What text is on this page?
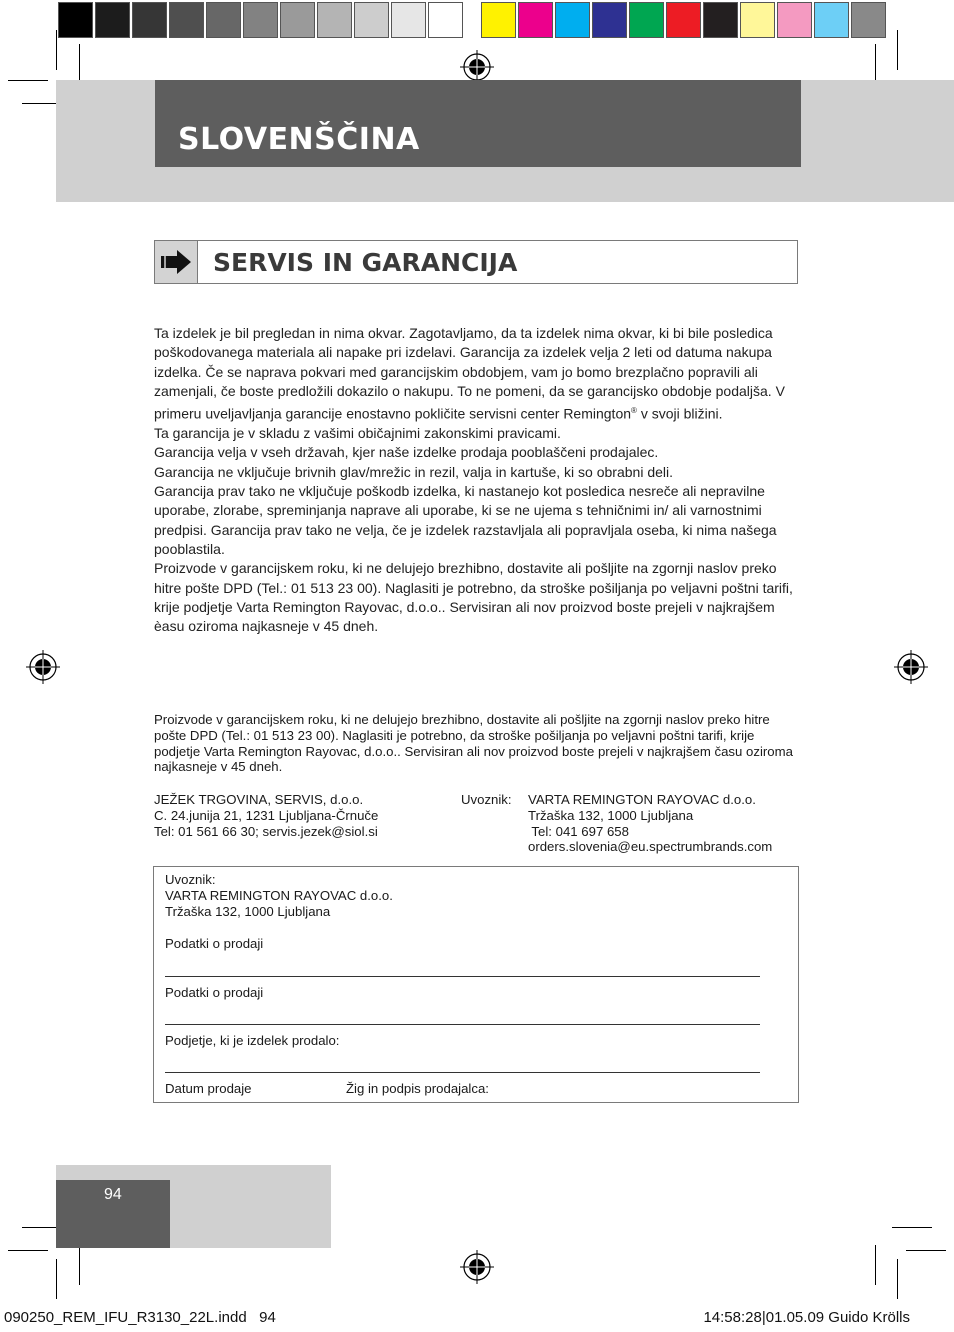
SLOVENŠČINA
SERVIS IN GARANCIJA

Ta izdelek je bil pregledan in nima okvar. Zagotavljamo, da ta izdelek nima okvar, ki bi bile posledica poškodovanega materiala ali napake pri izdelavi. Garancija za izdelek velja 2 leti od datuma nakupa izdelka. Če se naprava pokvari med garancijskim obdobjem, vam jo bomo brezplačno popravili ali zamenjali, če boste predložili dokazilo o nakupu. To ne pomeni, da se garancijsko obdobje podaljša. V primeru uveljavljanja garancije enostavno pokličite servisni center Remington® v svoji bližini.

Ta garancija je v skladu z vašimi običajnimi zakonskimi pravicami.

Garancija velja v vseh državah, kjer naše izdelke prodaja pooblaščeni prodajalec.

Garancija ne vključuje brivnih glav/mrežic in rezil, valja in kartuše, ki so obrabni deli.

Garancija prav tako ne vključuje poškodb izdelka, ki nastanejo kot posledica nesreče ali nepravilne uporabe, zlorabe, spreminjanja naprave ali uporabe, ki se ne ujema s tehničnimi in/ ali varnostnimi predpisi. Garancija prav tako ne velja, če je izdelek razstavljala ali popravljala oseba, ki nima našega pooblastila.

Proizvode v garancijskem roku, ki ne delujejo brezhibno, dostavite ali pošljite na zgornji naslov preko hitre pošte DPD (Tel.: 01 513 23 00). Naglasiti je potrebno, da stroške pošiljanja po veljavni poštni tarifi, krije podjetje Varta Remington Rayovac, d.o.o.. Servisiran ali nov proizvod boste prejeli v najkrajšem èasu oziroma najkasneje v 45 dneh.

Proizvode v garancijskem roku, ki ne delujejo brezhibno, dostavite ali pošljite na zgornji naslov preko hitre pošte DPD (Tel.: 01 513 23 00). Naglasiti je potrebno, da stroške pošiljanja po veljavni poštni tarifi, krije podjetje Varta Remington Rayovac, d.o.o.. Servisiran ali nov proizvod boste prejeli v najkrajšem času oziroma najkasneje v 45 dneh.

JEŽEK TRGOVINA, SERVIS, d.o.o.
C. 24.junija 21, 1231 Ljubljana-Črnuče
Tel: 01 561 66 30; servis.jezek@siol.si
Uvoznik: VARTA REMINGTON RAYOVAC d.o.o.
Tržaška 132, 1000 Ljubljana
Tel: 041 697 658
orders.slovenia@eu.spectrumbrands.com
Uvoznik:
VARTA REMINGTON RAYOVAC d.o.o.
Tržaška 132, 1000 Ljubljana
Podatki o prodaji
Podatki o prodaji
Podjetje, ki je izdelek prodalo:
Datum prodaje	Žig in podpis prodajalca:
94
090250_REM_IFU_R3130_22L.indd   94	14:58:28|01.05.09 Guido Krölls
